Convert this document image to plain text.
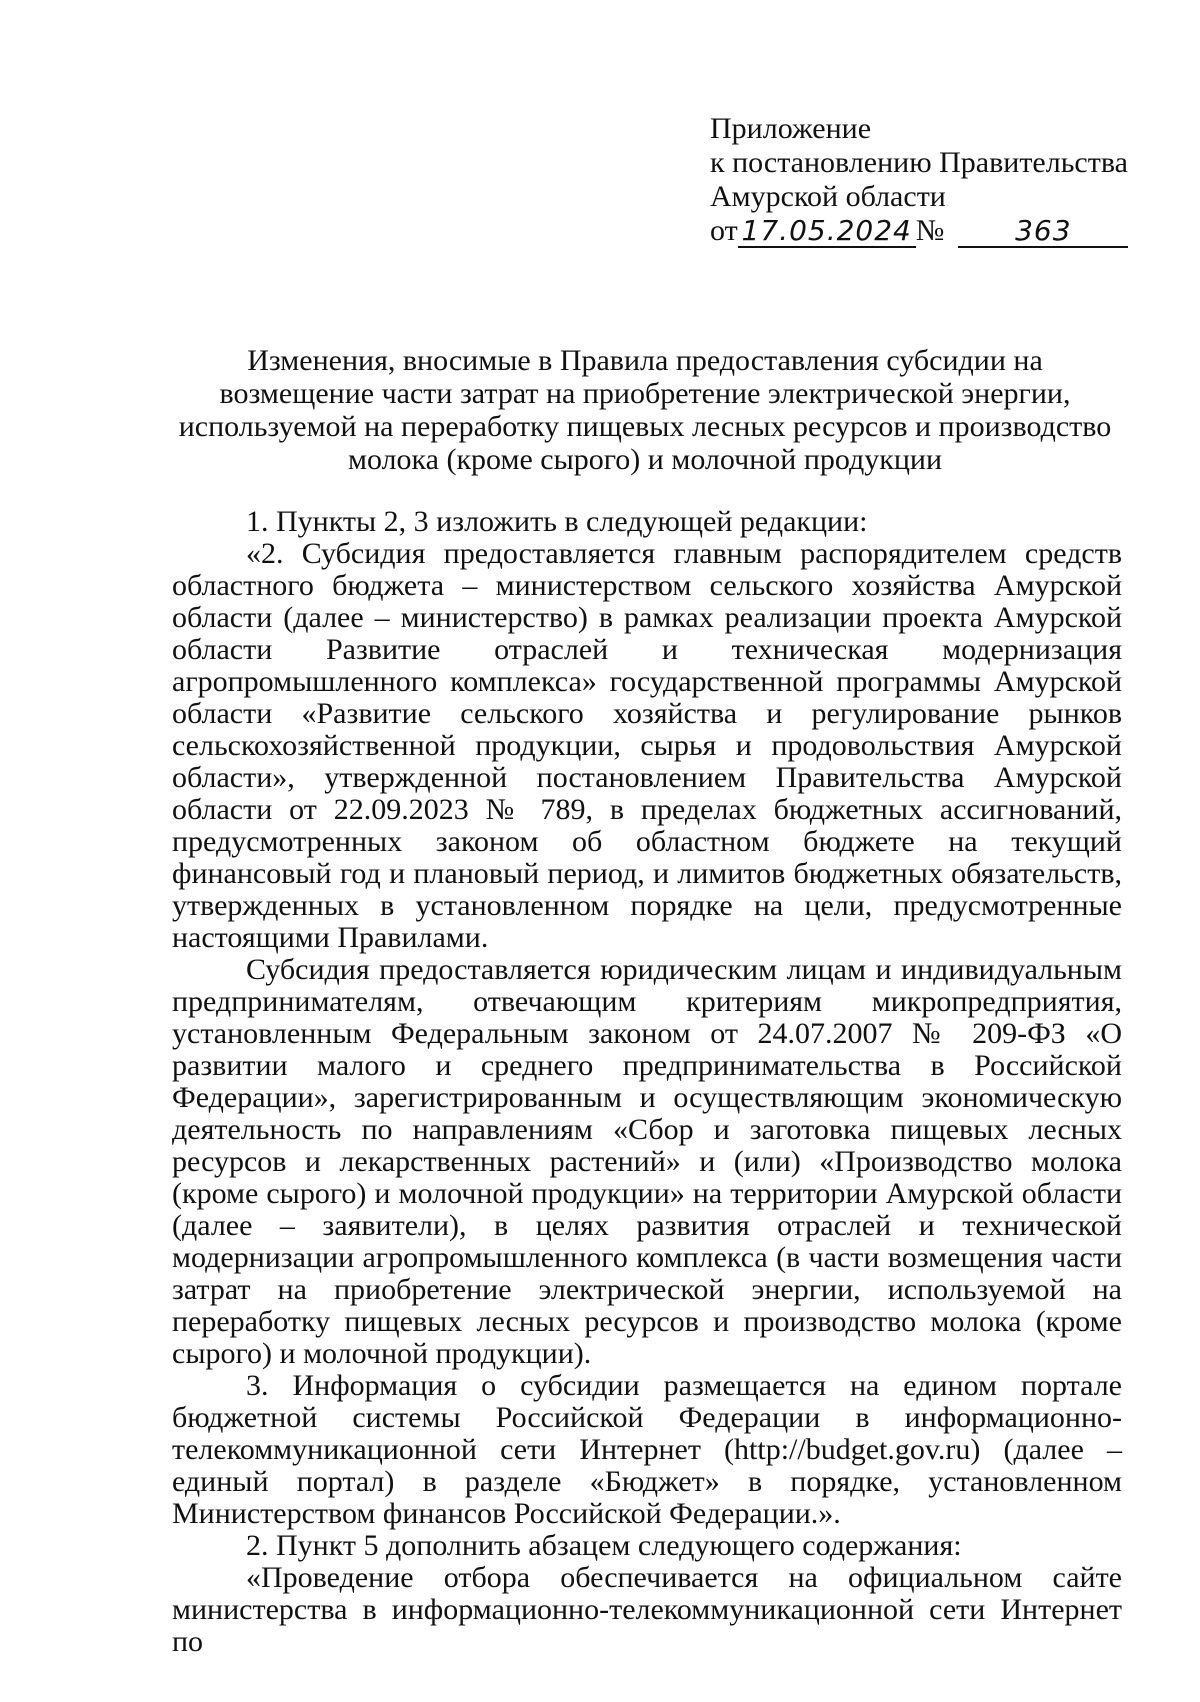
Приложение
к постановлению Правительства
Амурской области
от 17.05.2024 №	363
Изменения, вносимые в Правила предоставления субсидии на возмещение части затрат на приобретение электрической энергии, используемой на переработку пищевых лесных ресурсов и производство молока (кроме сырого) и молочной продукции

1. Пункты 2, 3 изложить в следующей редакции:

«2. Субсидия предоставляется главным распорядителем средств областного бюджета – министерством сельского хозяйства Амурской области (далее – министерство) в рамках реализации проекта Амурской области Развитие отраслей и техническая модернизация агропромышленного комплекса» государственной программы Амурской области «Развитие сельского хозяйства и регулирование рынков сельскохозяйственной продукции, сырья и продовольствия Амурской области», утвержденной постановлением Правительства Амурской области от 22.09.2023 № 789, в пределах бюджетных ассигнований, предусмотренных законом об областном бюджете на текущий финансовый год и плановый период, и лимитов бюджетных обязательств, утвержденных в установленном порядке на цели, предусмотренные настоящими Правилами.

Субсидия предоставляется юридическим лицам и индивидуальным предпринимателям, отвечающим критериям микропредприятия, установленным Федеральным законом от 24.07.2007 № 209-ФЗ «О развитии малого и среднего предпринимательства в Российской Федерации», зарегистрированным и осуществляющим экономическую деятельность по направлениям «Сбор и заготовка пищевых лесных ресурсов и лекарственных растений» и (или) «Производство молока (кроме сырого) и молочной продукции» на территории Амурской области (далее – заявители), в целях развития отраслей и технической модернизации агропромышленного комплекса (в части возмещения части затрат на приобретение электрической энергии, используемой на переработку пищевых лесных ресурсов и производство молока (кроме сырого) и молочной продукции).

3. Информация о субсидии размещается на едином портале бюджетной системы Российской Федерации в информационно-телекоммуникационной сети Интернет (http://budget.gov.ru) (далее – единый портал) в разделе «Бюджет» в порядке, установленном Министерством финансов Российской Федерации.».

2. Пункт 5 дополнить абзацем следующего содержания:

«Проведение отбора обеспечивается на официальном сайте министерства в информационно-телекоммуникационной сети Интернет по
